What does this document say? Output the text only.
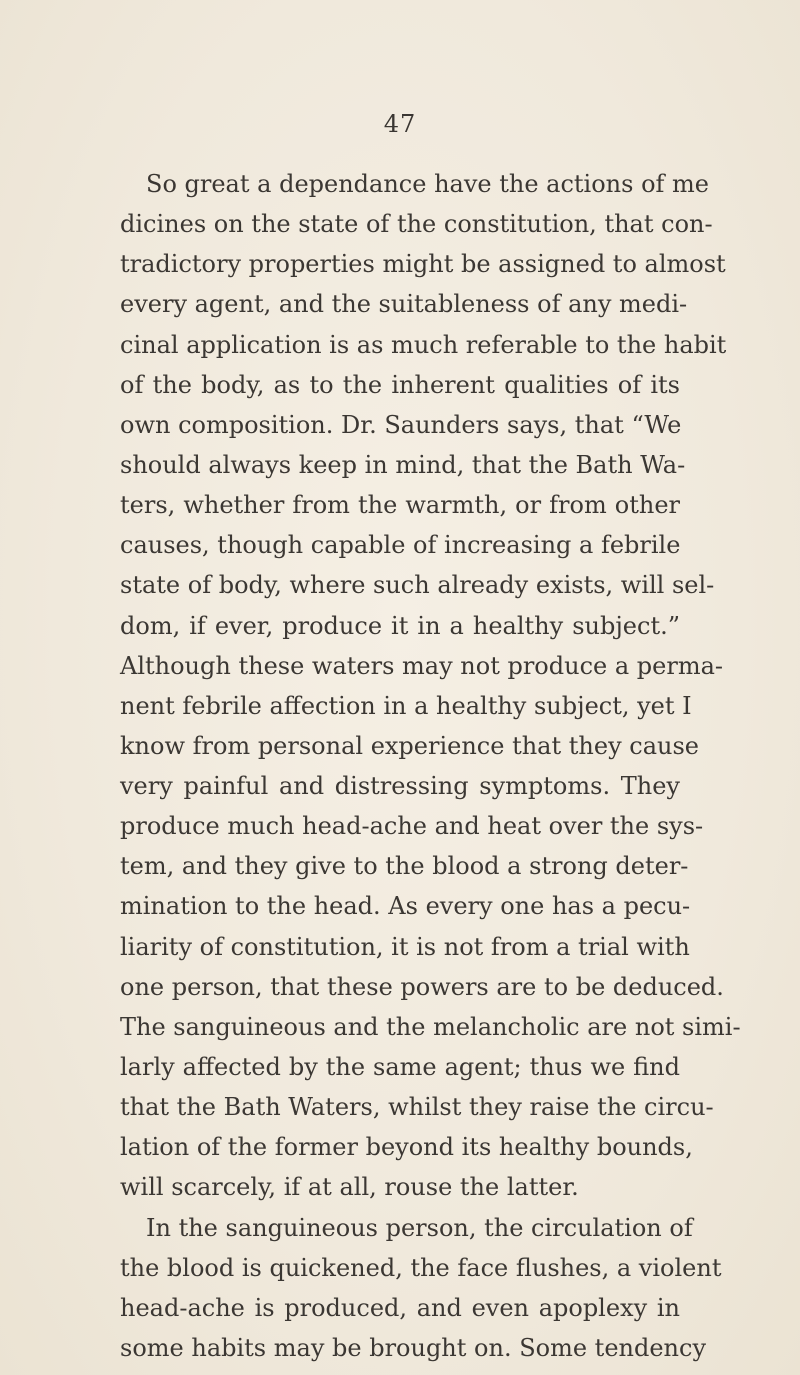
47
So great a dependance have the actions of me
dicines on the state of the constitution, that con-
tradictory properties might be assigned to almost
every agent, and the suitableness of any medi-
cinal application is as much referable to the habit
of the body, as to the inherent qualities of its
own composition. Dr. Saunders says, that “We
should always keep in mind, that the Bath Wa-
ters, whether from the warmth, or from other
causes, though capable of increasing a febrile
state of body, where such already exists, will sel-
dom, if ever, produce it in a healthy subject.”
Although these waters may not produce a perma-
nent febrile affection in a healthy subject, yet I
know from personal experience that they cause
very painful and distressing symptoms. They
produce much head-ache and heat over the sys-
tem, and they give to the blood a strong deter-
mination to the head. As every one has a pecu-
liarity of constitution, it is not from a trial with
one person, that these powers are to be deduced.
The sanguineous and the melancholic are not simi-
larly affected by the same agent; thus we find
that the Bath Waters, whilst they raise the circu-
lation of the former beyond its healthy bounds,
will scarcely, if at all, rouse the latter.
In the sanguineous person, the circulation of
the blood is quickened, the face flushes, a violent
head-ache is produced, and even apoplexy in
some habits may be brought on. Some tendency
